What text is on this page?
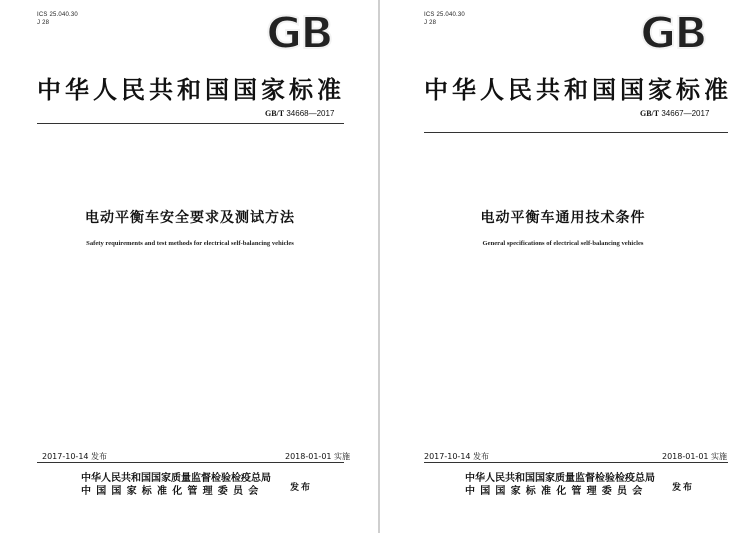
ICS 25.040.30
J 28	GB
中华人民共和国国家标准
GB/T 34668—2017
电动平衡车安全要求及测试方法
Safety requirements and test methods for electrical self-balancing vehicles
2017-10-14 发布	2018-01-01 实施
中华人民共和国国家质量监督检验检疫总局
中国国家标准化管理委员会	发布
ICS 25.040.30
J 28	GB
中华人民共和国国家标准
GB/T 34667—2017
电动平衡车通用技术条件
General specifications of electrical self-balancing vehicles
2017-10-14 发布	2018-01-01 实施
中华人民共和国国家质量监督检验检疫总局
中国国家标准化管理委员会	发布
